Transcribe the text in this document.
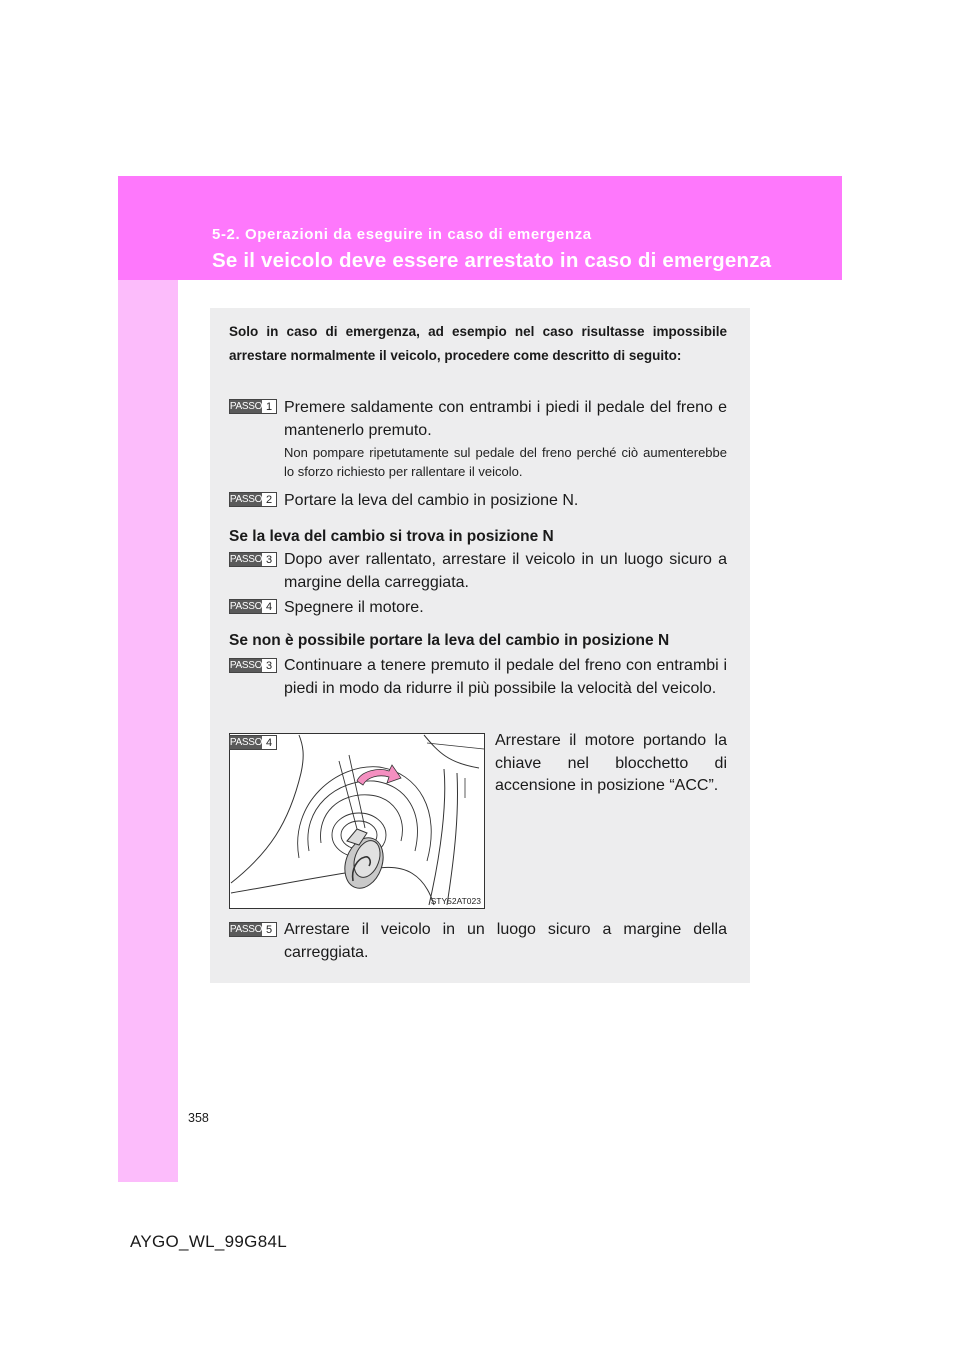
5-2. Operazioni da eseguire in caso di emergenza
Se il veicolo deve essere arrestato in caso di emergenza
Solo in caso di emergenza, ad esempio nel caso risultasse impossibile arrestare normalmente il veicolo, procedere come descritto di seguito:
PASSO 1 Premere saldamente con entrambi i piedi il pedale del freno e mantenerlo premuto.
Non pompare ripetutamente sul pedale del freno perché ciò aumenterebbe lo sforzo richiesto per rallentare il veicolo.
PASSO 2 Portare la leva del cambio in posizione N.
Se la leva del cambio si trova in posizione N
PASSO 3 Dopo aver rallentato, arrestare il veicolo in un luogo sicuro a margine della carreggiata.
PASSO 4 Spegnere il motore.
Se non è possibile portare la leva del cambio in posizione N
PASSO 3 Continuare a tenere premuto il pedale del freno con entrambi i piedi in modo da ridurre il più possibile la velocità del veicolo.
STY52AT023
PASSO 4	Arrestare il motore portando la chiave nel blocchetto di accensione in posizione “ACC”.
PASSO 5 Arrestare il veicolo in un luogo sicuro a margine della carreggiata.
358
AYGO_WL_99G84L
